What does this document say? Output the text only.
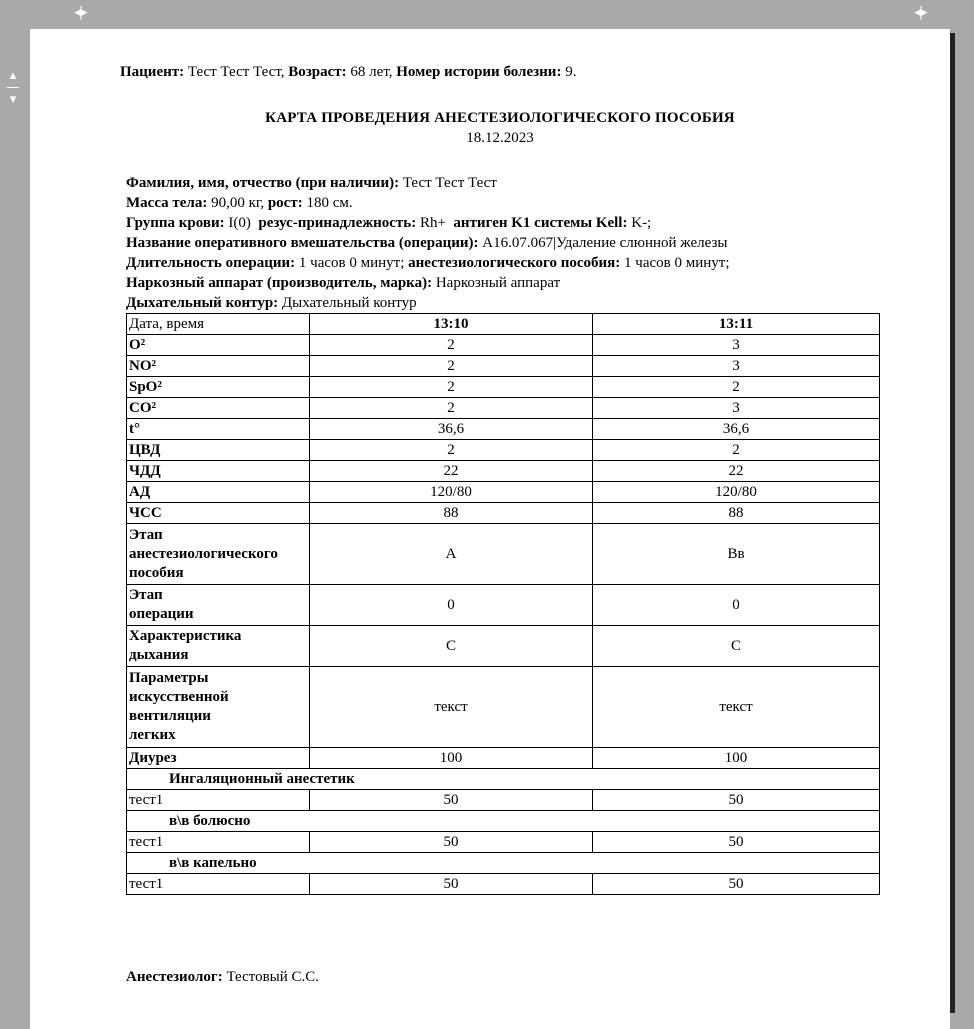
◂|▸	◂|▸
▴
—
▾
Пациент: Тест Тест Тест, Возраст: 68 лет, Номер истории болезни: 9.
КАРТА ПРОВЕДЕНИЯ АНЕСТЕЗИОЛОГИЧЕСКОГО ПОСОБИЯ
18.12.2023
Фамилия, имя, отчество (при наличии): Тест Тест Тест
Масса тела: 90,00 кг, рост: 180 см.
Группа крови: I(0) резус-принадлежность: Rh+ антиген K1 системы Kell: K-;
Название оперативного вмешательства (операции): A16.07.067|Удаление слюнной железы
Длительность операции: 1 часов 0 минут; анестезиологического пособия: 1 часов 0 минут;
Наркозный аппарат (производитель, марка): Наркозный аппарат
Дыхательный контур: Дыхательный контур
Дата, время	13:10	13:11
O²	2	3
NO²	2	3
SpO²	2	2
CO²	2	3
t°	36,6	36,6
ЦВД	2	2
ЧДД	22	22
АД	120/80	120/80
ЧСС	88	88
Этап
анестезиологического
пособия	А	Вв
Этап
операции	0	0
Характеристика
дыхания	С	С
Параметры
искусственной
вентиляции
легких	текст	текст
Диурез	100	100
Ингаляционный анестетик		
тест1	50	50
в\в болюсно		
тест1	50	50
в\в капельно		
тест1	50	50
Анестезиолог: Тестовый С.С.
